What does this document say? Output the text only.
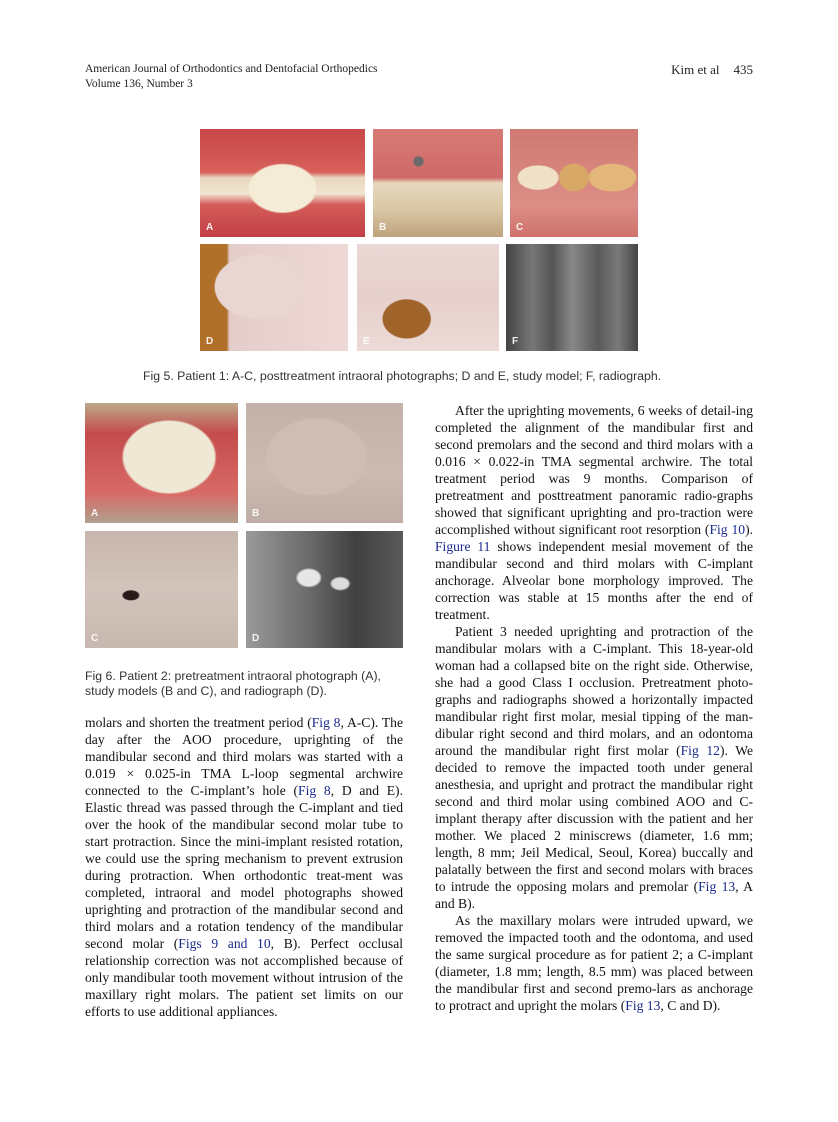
American Journal of Orthodontics and Dentofacial Orthopedics
Volume 136, Number 3
Kim et al 435
A	B	C
D	E	F
Fig 5. Patient 1: A-C, posttreatment intraoral photographs; D and E, study model; F, radiograph.
A	B
C	D
Fig 6. Patient 2: pretreatment intraoral photograph (A),
study models (B and C), and radiograph (D).

molars and shorten the treatment period (Fig 8, A-C). The day after the AOO procedure, uprighting of the mandibular second and third molars was started with a 0.019 × 0.025-in TMA L-loop segmental archwire connected to the C-implant’s hole (Fig 8, D and E). Elastic thread was passed through the C-implant and tied over the hook of the mandibular second molar tube to start protraction. Since the mini-implant resisted rotation, we could use the spring mechanism to prevent extrusion during protraction. When orthodontic treat-ment was completed, intraoral and model photographs showed uprighting and protraction of the mandibular second and third molars and a rotation tendency of the mandibular second molar (Figs 9 and 10, B). Perfect occlusal relationship correction was not accomplished because of only mandibular tooth movement without intrusion of the maxillary right molars. The patient set limits on our efforts to use additional appliances.

After the uprighting movements, 6 weeks of detail-ing completed the alignment of the mandibular first and second premolars and the second and third molars with a 0.016 × 0.022-in TMA segmental archwire. The total treatment period was 9 months. Comparison of pretreatment and posttreatment panoramic radio-graphs showed that significant uprighting and pro-traction were accomplished without significant root resorption (Fig 10). Figure 11 shows independent mesial movement of the mandibular second and third molars with C-implant anchorage. Alveolar bone morphology improved. The correction was stable at 15 months after the end of treatment.

Patient 3 needed uprighting and protraction of the mandibular molars with a C-implant. This 18-year-old woman had a collapsed bite on the right side. Otherwise, she had a good Class I occlusion. Pretreatment photo-graphs and radiographs showed a horizontally impacted mandibular right first molar, mesial tipping of the man-dibular right second and third molars, and an odontoma around the mandibular right first molar (Fig 12). We decided to remove the impacted tooth under general anesthesia, and upright and protract the mandibular right second and third molar using combined AOO and C-implant therapy after discussion with the patient and her mother. We placed 2 miniscrews (diameter, 1.6 mm; length, 8 mm; Jeil Medical, Seoul, Korea) buccally and palatally between the first and second molars with braces to intrude the opposing molars and premolar (Fig 13, A and B).

As the maxillary molars were intruded upward, we removed the impacted tooth and the odontoma, and used the same surgical procedure as for patient 2; a C-implant (diameter, 1.8 mm; length, 8.5 mm) was placed between the mandibular first and second premo-lars as anchorage to protract and upright the molars (Fig 13, C and D).
